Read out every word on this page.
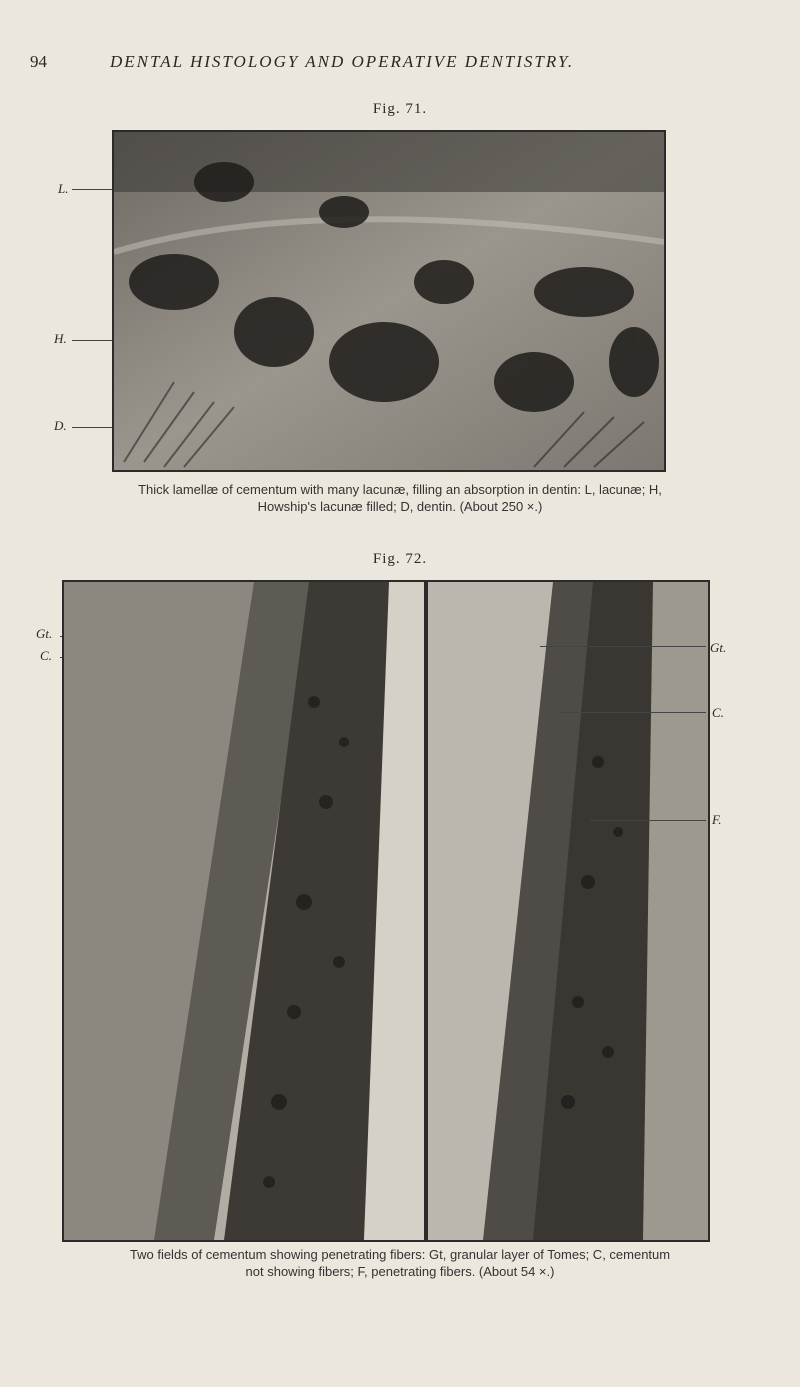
94	DENTAL HISTOLOGY AND OPERATIVE DENTISTRY.
Fig. 71.
L.
H.
D.
Thick lamellæ of cementum with many lacunæ, filling an absorption in dentin: L, lacunæ; H,
Howship's lacunæ filled; D, dentin. (About 250 ×.)
Fig. 72.
Gt.
C.
Gt.
C.
F.
Two fields of cementum showing penetrating fibers: Gt, granular layer of Tomes; C, cementum
not showing fibers; F, penetrating fibers. (About 54 ×.)
